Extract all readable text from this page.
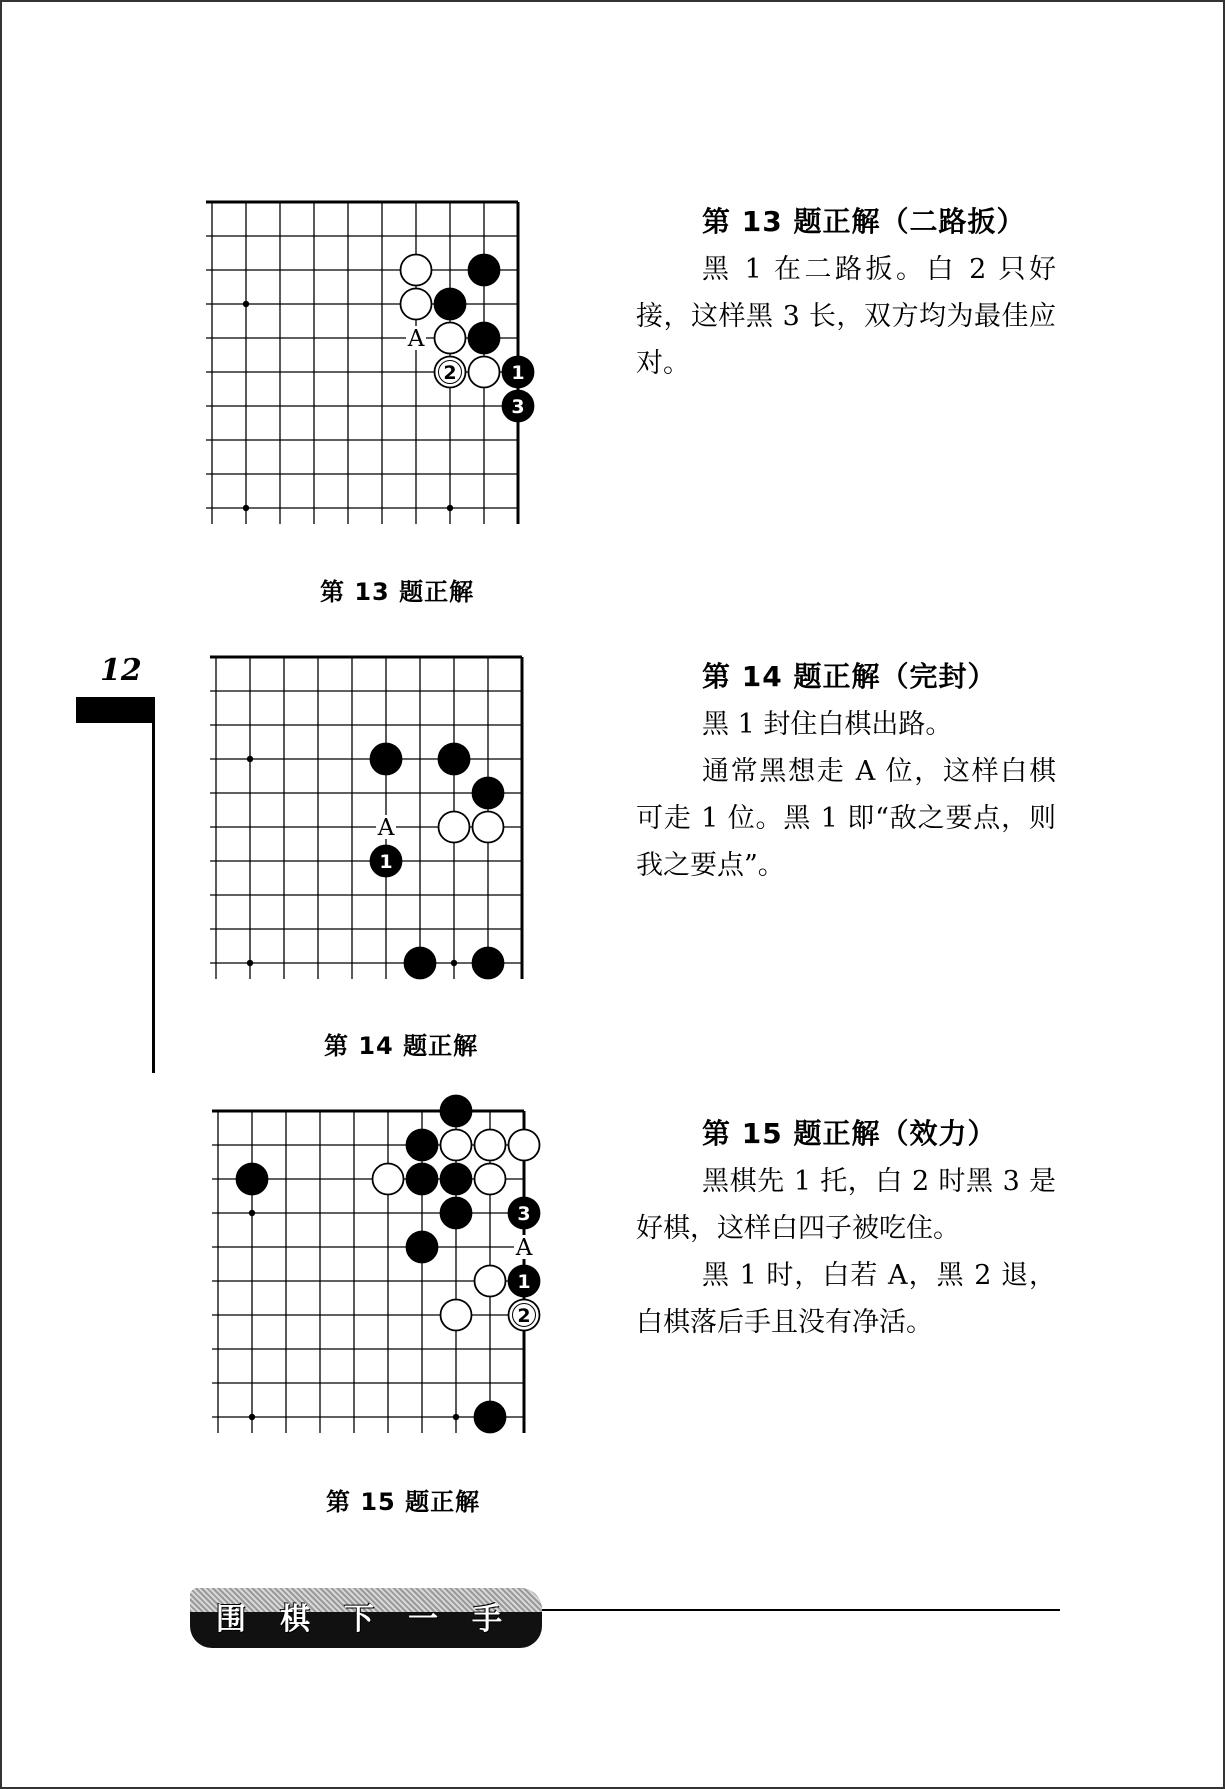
12
A
2	1
3
第 13 题正解
第 13 题正解（二路扳）

黑 1 在二路扳。白 2 只好接，这样黑 3 长，双方均为最佳应对。

A
1
第 14 题正解
第 14 题正解（完封）

黑 1 封住白棋出路。

通常黑想走 A 位，这样白棋可走 1 位。黑 1 即“敌之要点，则我之要点”。

A
3
1
2
第 15 题正解
第 15 题正解（效力）

黑棋先 1 托，白 2 时黑 3 是好棋，这样白四子被吃住。

黑 1 时，白若 A，黑 2 退，白棋落后手且没有净活。

围棋下一手
